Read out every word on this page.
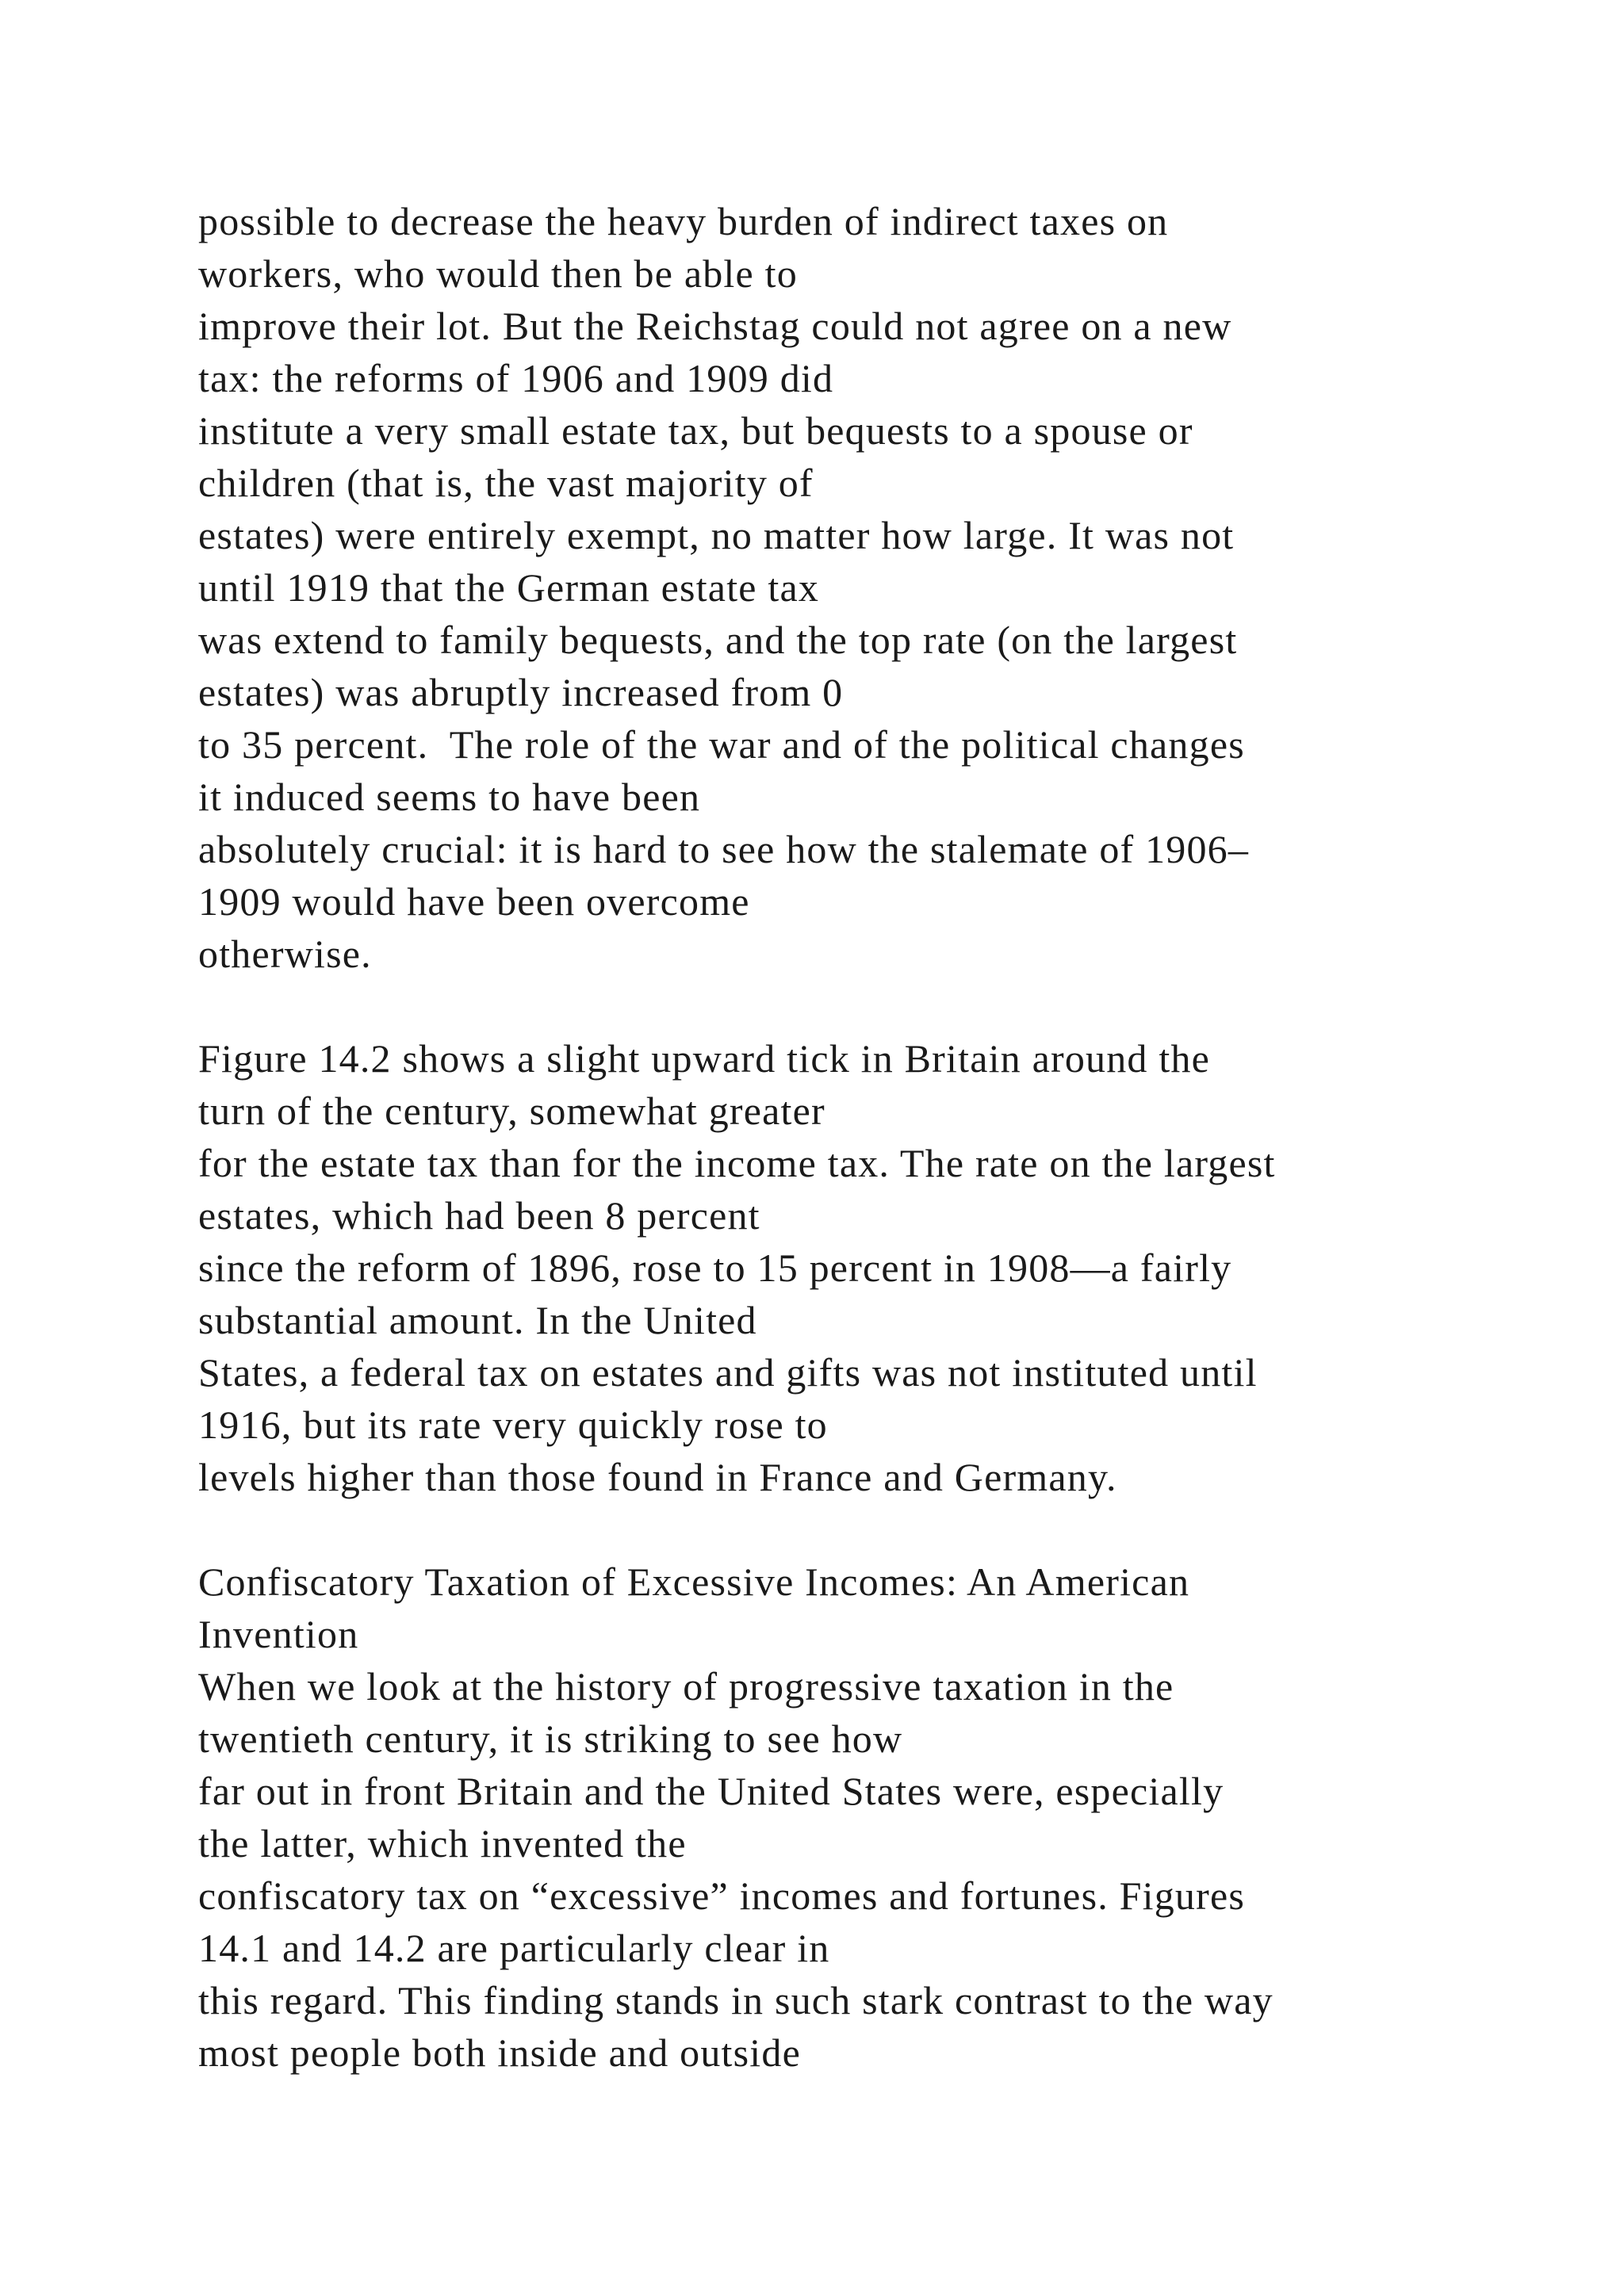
possible to decrease the heavy burden of indirect taxes on
workers, who would then be able to
improve their lot. But the Reichstag could not agree on a new
tax: the reforms of 1906 and 1909 did
institute a very small estate tax, but bequests to a spouse or
children (that is, the vast majority of
estates) were entirely exempt, no matter how large. It was not
until 1919 that the German estate tax
was extend to family bequests, and the top rate (on the largest
estates) was abruptly increased from 0
to 35 percent.  The role of the war and of the political changes
it induced seems to have been
absolutely crucial: it is hard to see how the stalemate of 1906–
1909 would have been overcome
otherwise.
Figure 14.2 shows a slight upward tick in Britain around the
turn of the century, somewhat greater
for the estate tax than for the income tax. The rate on the largest
estates, which had been 8 percent
since the reform of 1896, rose to 15 percent in 1908—a fairly
substantial amount. In the United
States, a federal tax on estates and gifts was not instituted until
1916, but its rate very quickly rose to
levels higher than those found in France and Germany.
Confiscatory Taxation of Excessive Incomes: An American
Invention
When we look at the history of progressive taxation in the
twentieth century, it is striking to see how
far out in front Britain and the United States were, especially
the latter, which invented the
confiscatory tax on “excessive” incomes and fortunes. Figures
14.1 and 14.2 are particularly clear in
this regard. This finding stands in such stark contrast to the way
most people both inside and outside
